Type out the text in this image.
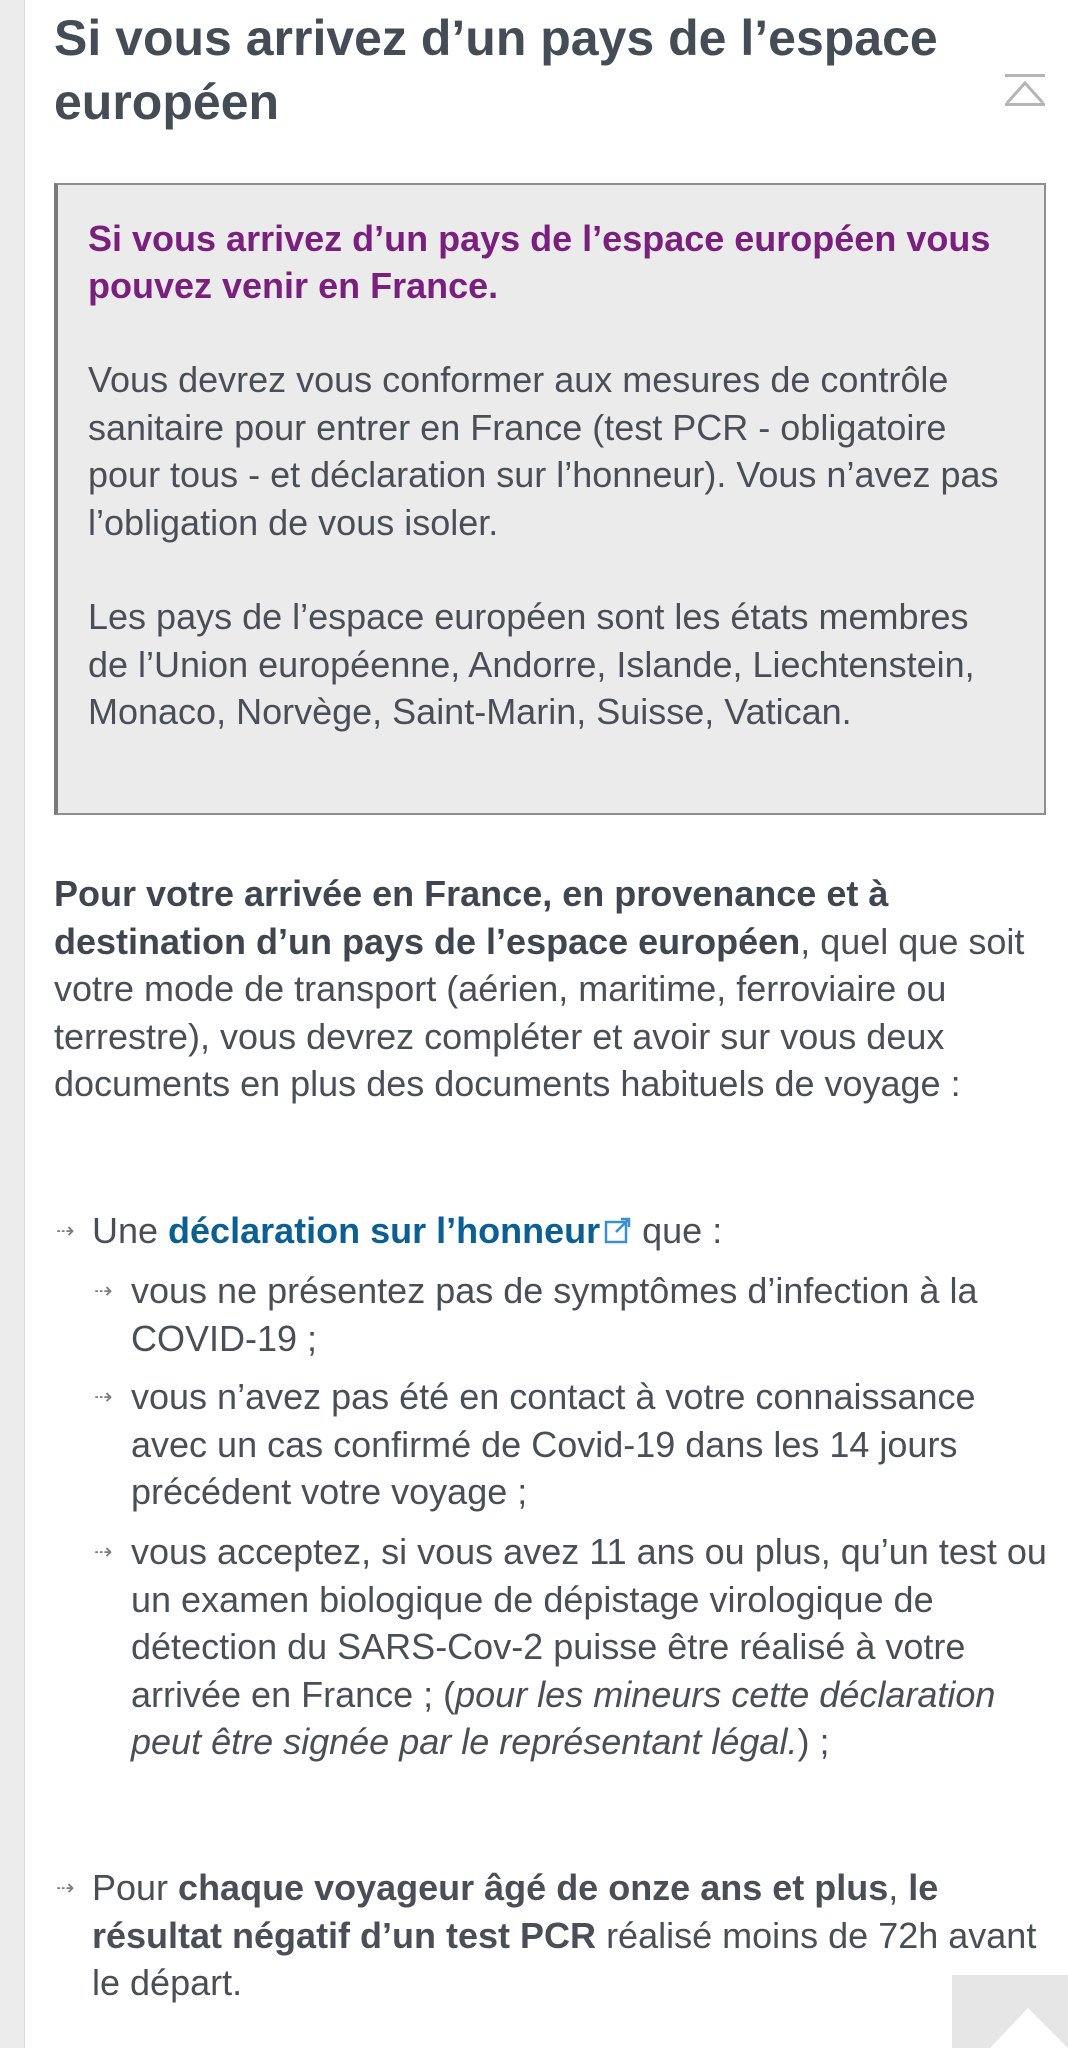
Si vous arrivez d’un pays de l’espace européen

Si vous arrivez d’un pays de l’espace européen vous pouvez venir en France.

Vous devrez vous conformer aux mesures de contrôle sanitaire pour entrer en France (test PCR - obligatoire pour tous - et déclaration sur l’honneur). Vous n’avez pas l’obligation de vous isoler.

Les pays de l’espace européen sont les états membres de l’Union européenne, Andorre, Islande, Liechtenstein, Monaco, Norvège, Saint-Marin, Suisse, Vatican.

Pour votre arrivée en France, en provenance et à destination d’un pays de l’espace européen, quel que soit votre mode de transport (aérien, maritime, ferroviaire ou terrestre), vous devrez compléter et avoir sur vous deux documents en plus des documents habituels de voyage :

⇢ Une déclaration sur l’honneur que :
⇢ vous ne présentez pas de symptômes d’infection à la COVID-19 ;
⇢ vous n’avez pas été en contact à votre connaissance avec un cas confirmé de Covid-19 dans les 14 jours précédent votre voyage ;
⇢ vous acceptez, si vous avez 11 ans ou plus, qu’un test ou un examen biologique de dépistage virologique de détection du SARS-Cov-2 puisse être réalisé à votre arrivée en France ; (pour les mineurs cette déclaration peut être signée par le représentant légal.) ;
⇢ Pour chaque voyageur âgé de onze ans et plus, le résultat négatif d’un test PCR réalisé moins de 72h avant le départ.
